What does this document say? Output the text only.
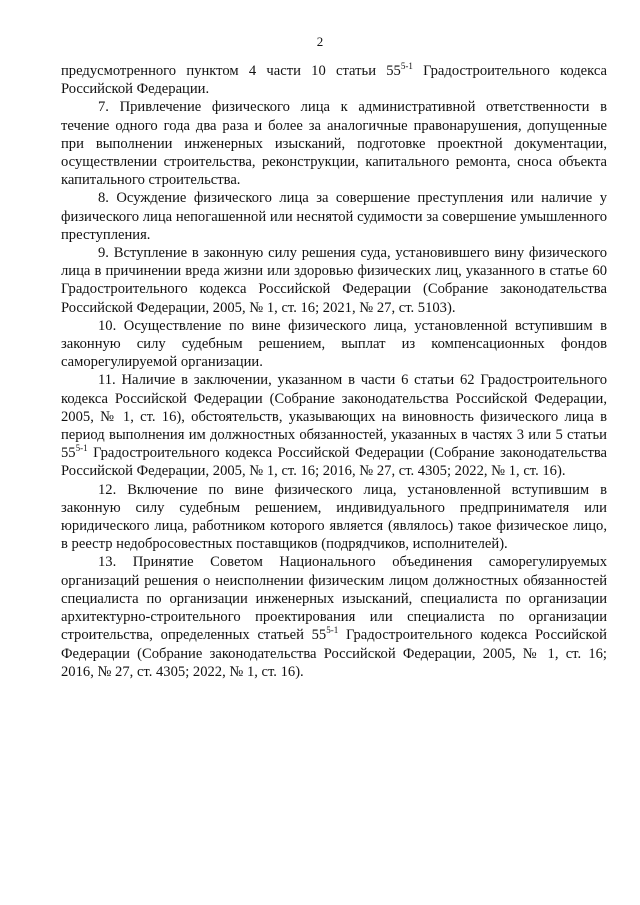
2

предусмотренного пунктом 4 части 10 статьи 55$^{5-1}$ Градостроительного кодекса Российской Федерации.

7. Привлечение физического лица к административной ответственности в течение одного года два раза и более за аналогичные правонарушения, допущенные при выполнении инженерных изысканий, подготовке проектной документации, осуществлении строительства, реконструкции, капитального ремонта, сноса объекта капитального строительства.

8. Осуждение физического лица за совершение преступления или наличие у физического лица непогашенной или неснятой судимости за совершение умышленного преступления.

9. Вступление в законную силу решения суда, установившего вину физического лица в причинении вреда жизни или здоровью физических лиц, указанного в статье 60 Градостроительного кодекса Российской Федерации (Собрание законодательства Российской Федерации, 2005, № 1, ст. 16; 2021, № 27, ст. 5103).

10. Осуществление по вине физического лица, установленной вступившим в законную силу судебным решением, выплат из компенсационных фондов саморегулируемой организации.

11. Наличие в заключении, указанном в части 6 статьи 62 Градостроительного кодекса Российской Федерации (Собрание законодательства Российской Федерации, 2005, № 1, ст. 16), обстоятельств, указывающих на виновность физического лица в период выполнения им должностных обязанностей, указанных в частях 3 или 5 статьи 55$^{5-1}$ Градостроительного кодекса Российской Федерации (Собрание законодательства Российской Федерации, 2005, № 1, ст. 16; 2016, № 27, ст. 4305; 2022, № 1, ст. 16).

12. Включение по вине физического лица, установленной вступившим в законную силу судебным решением, индивидуального предпринимателя или юридического лица, работником которого является (являлось) такое физическое лицо, в реестр недобросовестных поставщиков (подрядчиков, исполнителей).

13. Принятие Советом Национального объединения саморегулируемых организаций решения о неисполнении физическим лицом должностных обязанностей специалиста по организации инженерных изысканий, специалиста по организации архитектурно-строительного проектирования или специалиста по организации строительства, определенных статьей 55$^{5-1}$ Градостроительного кодекса Российской Федерации (Собрание законодательства Российской Федерации, 2005, № 1, ст. 16; 2016, № 27, ст. 4305; 2022, № 1, ст. 16).
